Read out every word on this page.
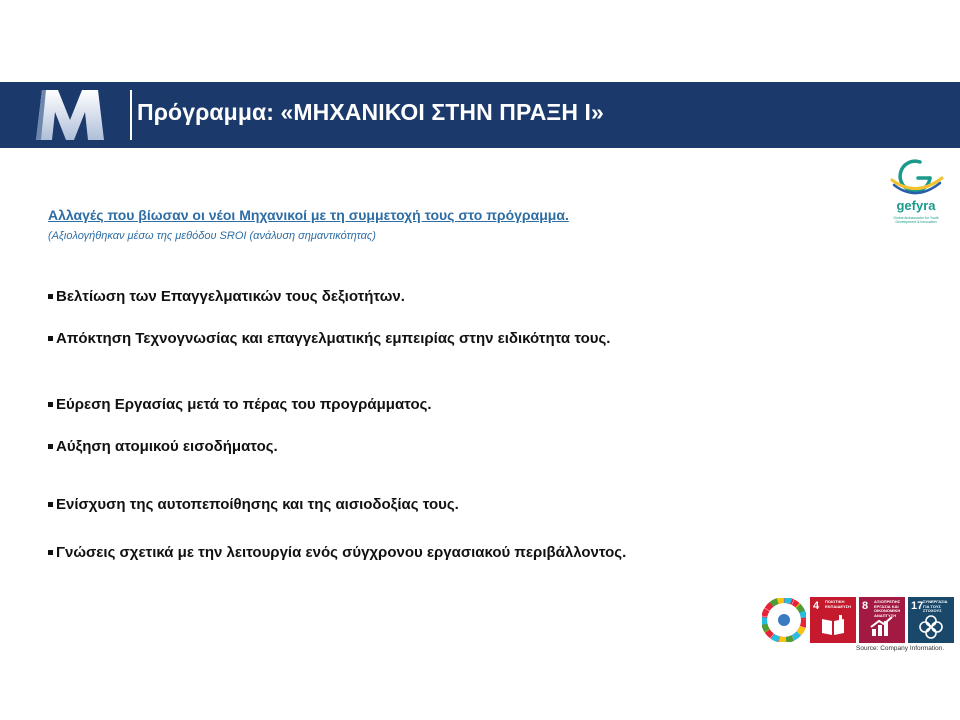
Πρόγραμμα: «ΜΗΧΑΝΙΚΟΙ ΣΤΗΝ ΠΡΑΞΗ Ι»
gefyra
Global Ambassador for Youth Development & Innovation
Αλλαγές που βίωσαν οι νέοι Μηχανικοί με τη συμμετοχή τους στο πρόγραμμα.
(Αξιολογήθηκαν μέσω της μεθόδου SROI (ανάλυση σημαντικότητας)
Βελτίωση των Επαγγελματικών τους δεξιοτήτων.
Απόκτηση Τεχνογνωσίας και επαγγελματικής εμπειρίας στην ειδικότητα τους.
Εύρεση Εργασίας μετά το πέρας του προγράμματος.
Αύξηση ατομικού εισοδήματος.
Ενίσχυση της αυτοπεποίθησης και της αισιοδοξίας τους.
Γνώσεις σχετικά με την λειτουργία ενός σύγχρονου εργασιακού περιβάλλοντος.
4 ΠΟΙΟΤΙΚΗ ΕΚΠΑΙΔΕΥΣΗ	8 ΑΞΙΟΠΡΕΠΗΣ ΕΡΓΑΣΙΑ ΚΑΙ ΟΙΚΟΝΟΜΙΚΗ ΑΝΑΠΤΥΞΗ
17 ΣΥΝΕΡΓΑΣΙΑ ΓΙΑ ΤΟΥΣ ΣΤΟΧΟΥΣ
Source: Company Information.
